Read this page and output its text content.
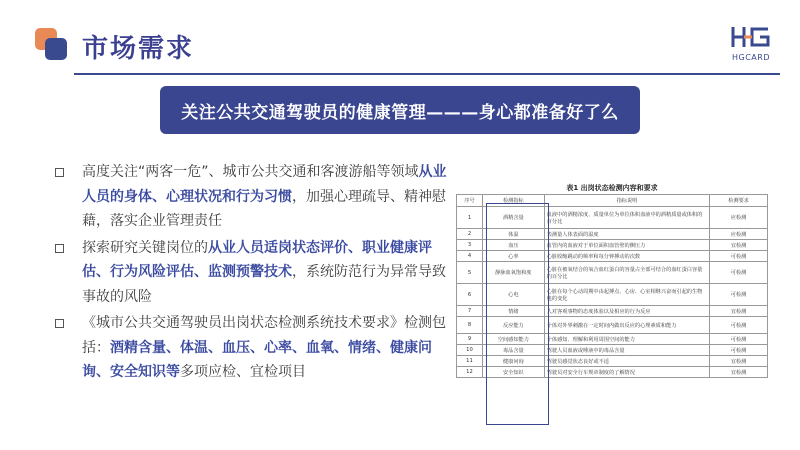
市场需求	HGCARD
关注公共交通驾驶员的健康管理———身心都准备好了么
高度关注“两客一危”、城市公共交通和客渡游船等领域从业人员的身体、心理状况和行为习惯，加强心理疏导、精神慰藉，落实企业管理责任
探索研究关键岗位的从业人员适岗状态评价、职业健康评估、行为风险评估、监测预警技术，系统防范行为异常导致事故的风险
《城市公共交通驾驶员出岗状态检测系统技术要求》检测包括：酒精含量、体温、血压、心率、血氧、情绪、健康问询、安全知识等多项应检、宜检项目
表1 出岗状态检测内容和要求
序号	检测指标	指标说明	检测要求
1	酒精含量	血液中的酒精浓度、质量单位为单位体积血液中的酒精质量或体积的百分比	应检测
2	体温	表测量人体表面的温度	应检测
3	血压	血管内的血液对于单位面积血管壁的侧压力	宜检测
4	心率	心脏收缩跳动的频率和每分钟搏动的次数	可检测
5	静脉血氧饱和度	心脏在被氧结合的氧合血红蛋白的容量占全部可结合的血红蛋白容量的百分比	可检测
6	心电	心脏在每个心动周期中由起搏点、心房、心室相继兴奋而引起的生物电的变化	可检测
7	情绪	人对客观事物的态度体验以及相应的行为反应	宜检测
8	反应能力	个体对外界刺激在一定时间内做出反应的心理素质和能力	可检测
9	空间感知能力	个体感知、理解和利用周围空间的能力	可检测
10	毒品含量	驾驶人员血液或唾液中的毒品含量	可检测
11	健康问询	驾驶员感觉状态良好或不适	宜检测
12	安全知识	驾驶员对安全行车规章制度的了解情况	宜检测
